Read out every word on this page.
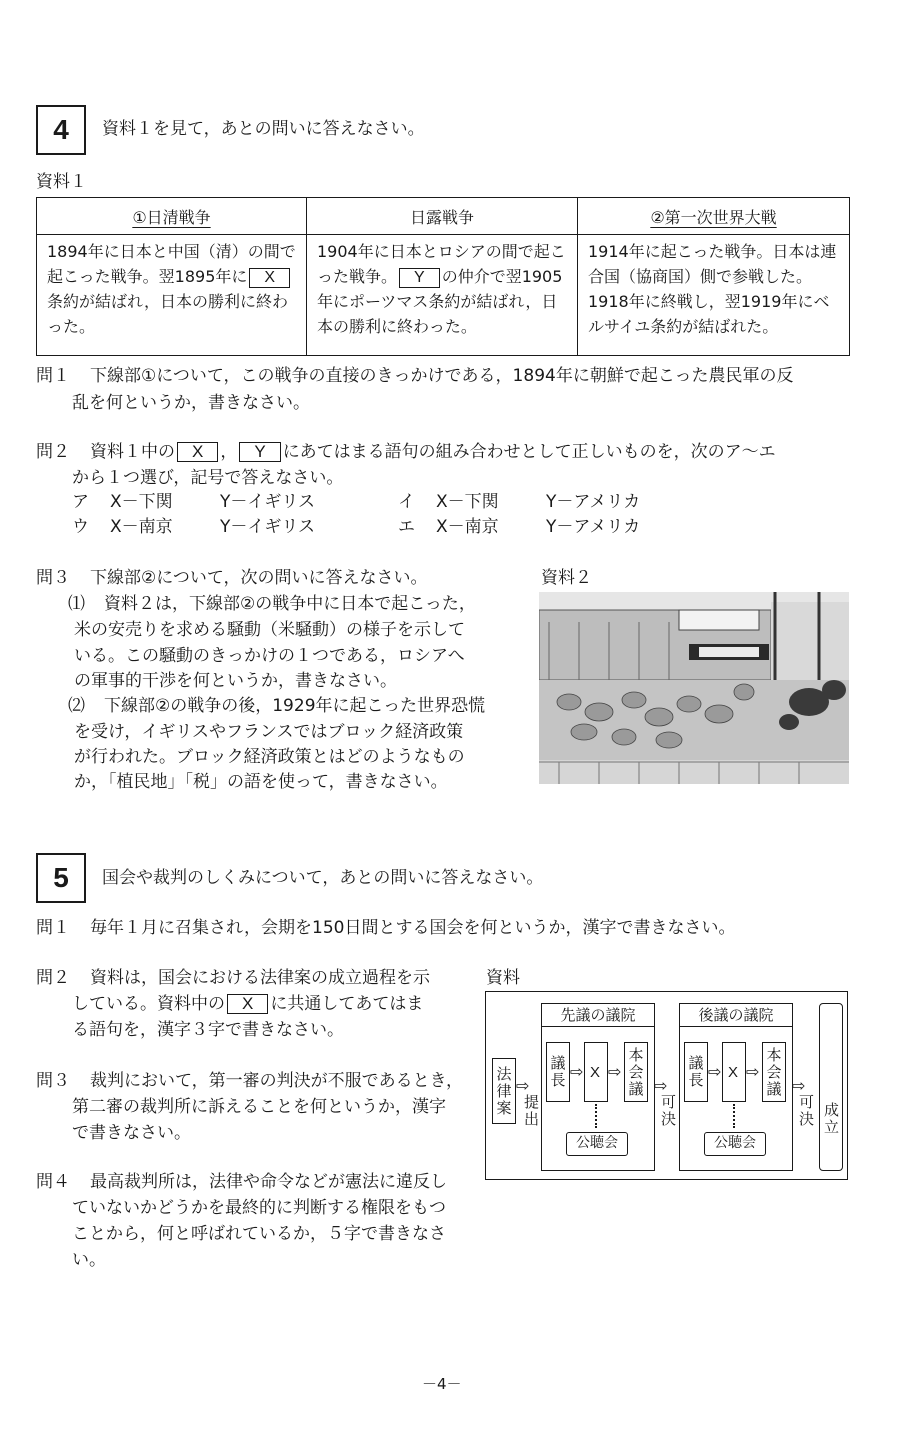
4	資料１を見て，あとの問いに答えなさい。
資料１
①日清戦争	日露戦争	②第一次世界大戦
1894年に日本と中国（清）の間で起こった戦争。翌1895年に X条約が結ばれ，日本の勝利に終わった。	1904年に日本とロシアの間で起こった戦争。 Y の仲介で翌1905年にポーツマス条約が結ばれ，日本の勝利に終わった。	1914年に起こった戦争。日本は連合国（協商国）側で参戦した。1918年に終戦し，翌1919年にベルサイユ条約が結ばれた。
問１ 下線部①について，この戦争の直接のきっかけである，1894年に朝鮮で起こった農民軍の反
乱を何というか，書きなさい。
問２ 資料１中の X ， Y にあてはまる語句の組み合わせとして正しいものを，次のア～エ
から１つ選び，記号で答えなさい。
ア X－下関	Y－イギリス	イ X－下関	Y－アメリカ
ウ X－南京	Y－イギリス	エ X－南京	Y－アメリカ
問３ 下線部②について，次の問いに答えなさい。
⑴ 資料２は，下線部②の戦争中に日本で起こった，
米の安売りを求める騒動（米騒動）の様子を示して
いる。この騒動のきっかけの１つである，ロシアへ
の軍事的干渉を何というか，書きなさい。
⑵ 下線部②の戦争の後，1929年に起こった世界恐慌
を受け，イギリスやフランスではブロック経済政策
が行われた。ブロック経済政策とはどのようなもの
か，「植民地」「税」の語を使って，書きなさい。
資料２
5	国会や裁判のしくみについて，あとの問いに答えなさい。
問１ 毎年１月に召集され，会期を150日間とする国会を何というか，漢字で書きなさい。
問２ 資料は，国会における法律案の成立過程を示
している。資料中の X に共通してあてはま
る語句を，漢字３字で書きなさい。
問３ 裁判において，第一審の判決が不服であるとき，
第二審の裁判所に訴えることを何というか，漢字
で書きなさい。
問４ 最高裁判所は，法律や命令などが憲法に違反し
ていないかどうかを最終的に判断する権限をもつ
ことから，何と呼ばれているか，５字で書きなさ
い。
資料
法律案 ⇨
提出
先議の議院
議長 ⇨ X ⇨ 本会議
公聴会
⇨
可決
後議の議院
議長 ⇨ X ⇨ 本会議
公聴会
⇨
可決 成立
－4－
